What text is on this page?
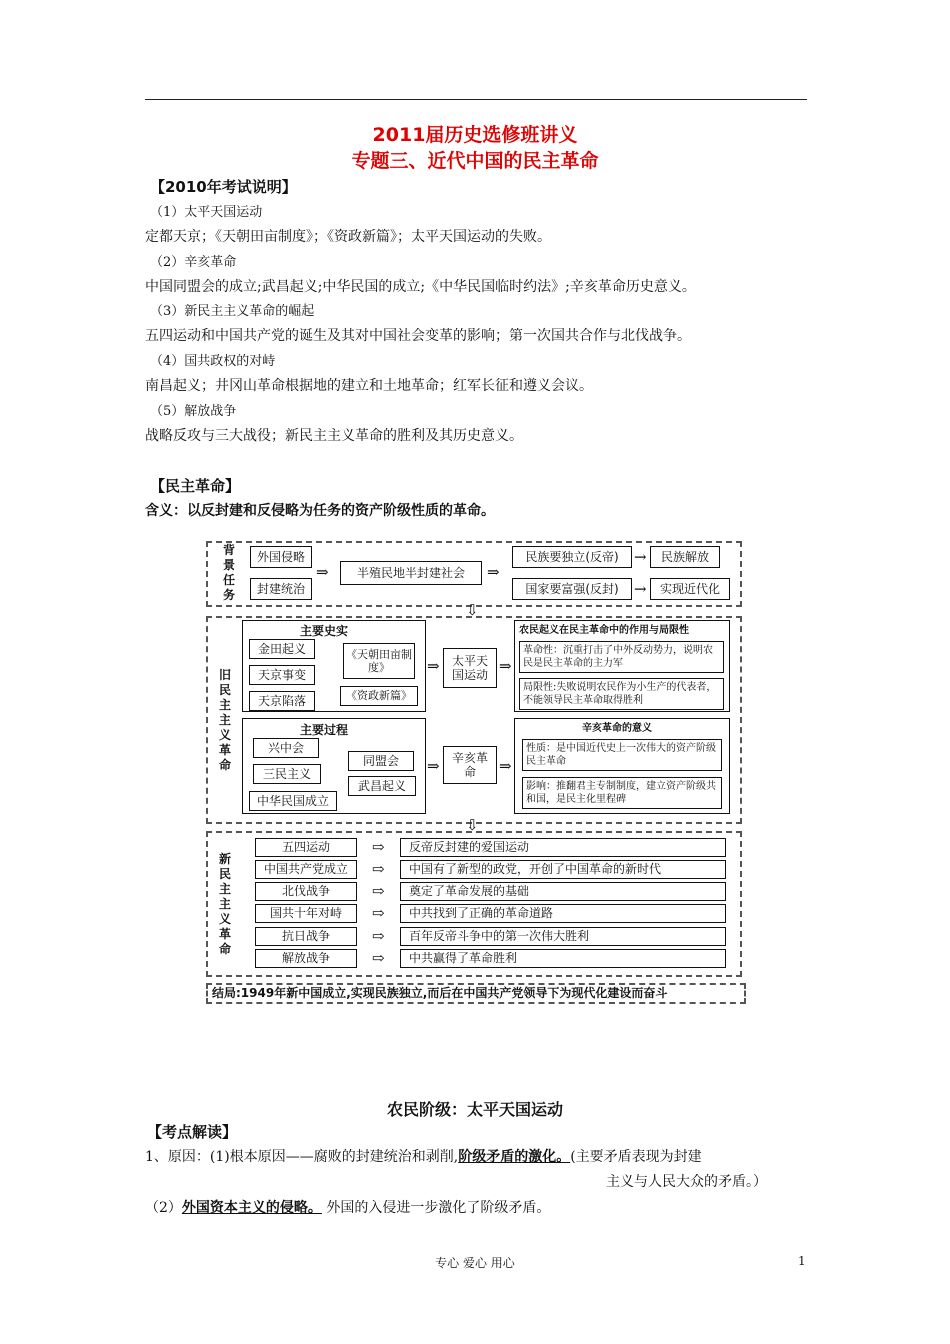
2011届历史选修班讲义
专题三、近代中国的民主革命
【2010年考试说明】
（1）太平天国运动
定都天京；《天朝田亩制度》；《资政新篇》；太平天国运动的失败。
（2）辛亥革命
中国同盟会的成立;武昌起义;中华民国的成立;《中华民国临时约法》;辛亥革命历史意义。
（3）新民主主义革命的崛起
五四运动和中国共产党的诞生及其对中国社会变革的影响；第一次国共合作与北伐战争。
（4）国共政权的对峙
南昌起义；井冈山革命根据地的建立和土地革命；红军长征和遵义会议。
（5）解放战争
战略反攻与三大战役；新民主主义革命的胜利及其历史意义。
【民主革命】
含义：以反封建和反侵略为任务的资产阶级性质的革命。
背
景
任
务
外国侵略
封建统治
⇒	半殖民地半封建社会	⇒
民族要独立(反帝)
国家要富强(反封)
→
→
民族解放
实现近代化
⇩
旧
民
主
主
义
革
命
主要史实
金田起义
天京事变
天京陷落
《天朝田亩制度》
《资政新篇》
⇒	太平天国运动 ⇒
农民起义在民主革命中的作用与局限性
革命性：沉重打击了中外反动势力，说明农民是民主革命的主力军
局限性:失败说明农民作为小生产的代表者，不能领导民主革命取得胜利
主要过程
兴中会
三民主义
中华民国成立
同盟会
武昌起义
⇒	辛亥革命	⇒
辛亥革命的意义
性质：是中国近代史上一次伟大的资产阶级民主革命
影响：推翻君主专制制度，建立资产阶级共和国，是民主化里程碑
⇩
新
民
主
主
义
革
命
五四运动	⇨	反帝反封建的爱国运动
中国共产党成立	⇨	中国有了新型的政党，开创了中国革命的新时代
北伐战争	⇨	奠定了革命发展的基础
国共十年对峙	⇨	中共找到了正确的革命道路
抗日战争	⇨	百年反帝斗争中的第一次伟大胜利
解放战争	⇨	中共赢得了革命胜利
结局:1949年新中国成立,实现民族独立,而后在中国共产党领导下为现代化建设而奋斗
农民阶级：太平天国运动
【考点解读】
1、原因：(1)根本原因——腐败的封建统治和剥削,阶级矛盾的激化。(主要矛盾表现为封建
主义与人民大众的矛盾。）
（2）外国资本主义的侵略。 外国的入侵进一步激化了阶级矛盾。
专心 爱心 用心	1
